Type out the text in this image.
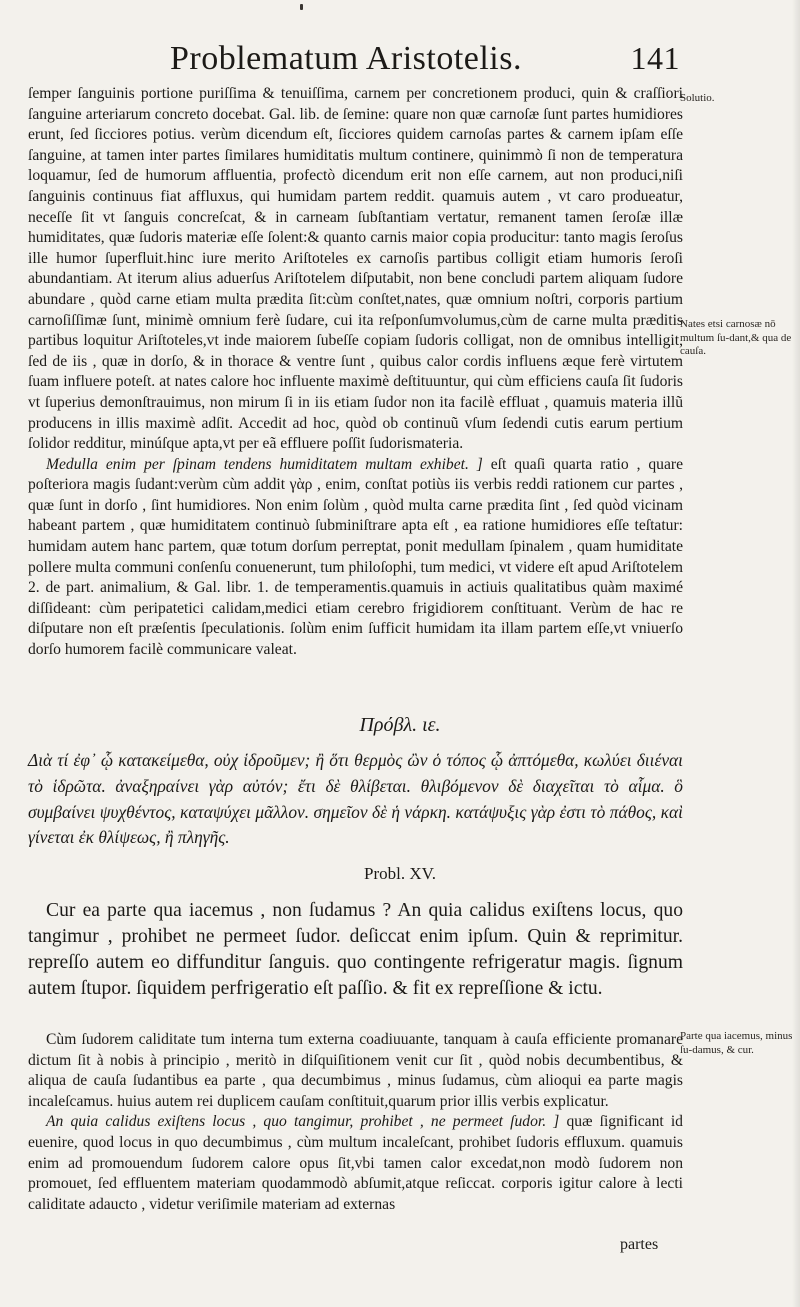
Problematum Aristotelis.	141
Solutio.
Nates etsi carnosæ nō multum ſu-dant,& qua de cauſa.
Parte qua iacemus, minus ſu-damus, & cur.

ſemper ſanguinis portione puriſſima & tenuiſſima, carnem per concretionem produci, quin & craſſiori ſanguine arteriarum concreto docebat. Gal. lib. de ſemine: quare non quæ carnoſæ ſunt partes humidiores erunt, ſed ſicciores potius. verùm dicendum eſt, ſicciores quidem carnoſas partes & carnem ipſam eſſe ſanguine, at tamen inter partes ſimilares humiditatis multum continere, quinimmò ſi non de temperatura loquamur, ſed de humorum affluentia, profectò dicendum erit non eſſe carnem, aut non produci,niſi ſanguinis continuus fiat affluxus, qui humidam partem reddit. quamuis autem , vt caro produeatur, neceſſe ſit vt ſanguis concreſcat, & in carneam ſubſtantiam vertatur, remanent tamen ſeroſæ illæ humiditates, quæ ſudoris materiæ eſſe ſolent:& quanto carnis maior copia producitur: tanto magis ſeroſus ille humor ſuperfluit.hinc iure merito Ariſtoteles ex carnoſis partibus colligit etiam humoris ſeroſi abundantiam. At iterum alius aduerſus Ariſtotelem diſputabit, non bene concludi partem aliquam ſudore abundare , quòd carne etiam multa prædita ſit:cùm conſtet,nates, quæ omnium noſtri, corporis partium carnoſiſſimæ ſunt, minimè omnium ferè ſudare, cui ita reſponſumvolumus,cùm de carne multa præditis partibus loquitur Ariſtoteles,vt inde maiorem ſubeſſe copiam ſudoris colligat, non de omnibus intelligit, ſed de iis , quæ in dorſo, & in thorace & ventre ſunt , quibus calor cordis influens æque ferè virtutem ſuam influere poteſt. at nates calore hoc influente maximè deſtituuntur, qui cùm efficiens cauſa ſit ſudoris vt ſuperius demonſtrauimus, non mirum ſi in iis etiam ſudor non ita facilè effluat , quamuis materia illũ producens in illis maximè adſit. Accedit ad hoc, quòd ob continuũ vſum ſedendi cutis earum pertium ſolidor redditur, minúſque apta,vt per eã effluere poſſit ſudorismateria.

Medulla enim per ſpinam tendens humiditatem multam exhibet. ] eſt quaſi quarta ratio , quare poſteriora magis ſudant:verùm cùm addit γὰρ , enim, conſtat potiùs iis verbis reddi rationem cur partes , quæ ſunt in dorſo , ſint humidiores. Non enim ſolùm , quòd multa carne prædita ſint , ſed quòd vicinam habeant partem , quæ humiditatem continuò ſubminiſtrare apta eſt , ea ratione humidiores eſſe teſtatur: humidam autem hanc partem, quæ totum dorſum perreptat, ponit medullam ſpinalem , quam humiditate pollere multa communi conſenſu conuenerunt, tum philoſophi, tum medici, vt videre eſt apud Ariſtotelem 2. de part. animalium, & Gal. libr. 1. de temperamentis.quamuis in actiuis qualitatibus quàm maximé diſſideant: cùm peripatetici calidam,medici etiam cerebro frigidiorem conſtituant. Verùm de hac re diſputare non eſt præſentis ſpeculationis. ſolùm enim ſufficit humidam ita illam partem eſſe,vt vniuerſo dorſo humorem facilè communicare valeat.

Πρόβλ. ιε.

Διὰ τί ἐφ᾽ ᾧ κατακείμεθα, οὐχ ἱδροῦμεν; ἢ ὅτι θερμὸς ὢν ὁ τόπος ᾧ ἀπτόμεθα, κωλύει διιέναι τὸ ἱδρῶτα. ἀναξηραίνει γὰρ αὐτόν; ἔτι δὲ θλίβεται. θλιβόμενον δὲ διαχεῖται τὸ αἷμα. ὃ συμβαίνει ψυχθέντος, καταψύχει μᾶλλον. σημεῖον δὲ ἡ νάρκη. κατάψυξις γὰρ ἐστι τὸ πάθος, καὶ γίνεται ἐκ θλίψεως, ἢ πληγῆς.

Probl. XV.

Cur ea parte qua iacemus , non ſudamus ? An quia calidus exiſtens locus, quo tangimur , prohibet ne permeet ſudor. deſiccat enim ipſum. Quin & reprimitur. repreſſo autem eo diffunditur ſanguis. quo contingente refrigeratur magis. ſignum autem ſtupor. ſiquidem perfrigeratio eſt paſſio. & fit ex repreſſione & ictu.

Cùm ſudorem caliditate tum interna tum externa coadiuuante, tanquam à cauſa efficiente promanare dictum ſit à nobis à principio , meritò in diſquiſitionem venit cur ſit , quòd nobis decumbentibus, & aliqua de cauſa ſudantibus ea parte , qua decumbimus , minus ſudamus, cùm alioqui ea parte magis incaleſcamus. huius autem rei duplicem cauſam conſtituit,quarum prior illis verbis explicatur.

An quia calidus exiſtens locus , quo tangimur, prohibet , ne permeet ſudor. ] quæ ſignificant id euenire, quod locus in quo decumbimus , cùm multum incaleſcant, prohibet ſudoris effluxum. quamuis enim ad promouendum ſudorem calore opus ſit,vbi tamen calor excedat,non modò ſudorem non promouet, ſed effluentem materiam quodammodò abſumit,atque reſiccat. corporis igitur calore à lecti caliditate adaucto , videtur veriſimile materiam ad externas

partes
